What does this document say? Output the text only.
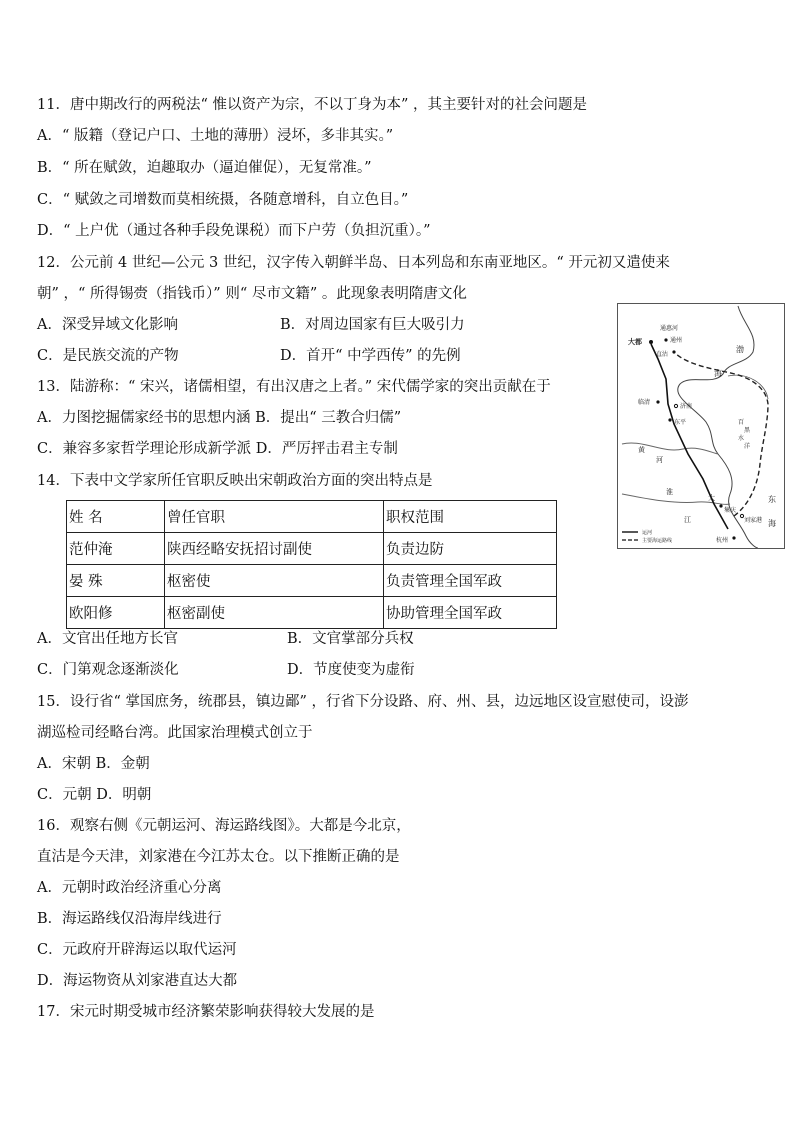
11．唐中期改行的两税法“ 惟以资产为宗，不以丁身为本” ，其主要针对的社会问题是
A．“ 版籍（登记户口、土地的薄册）浸坏，多非其实。”
B．“ 所在赋敛，迫趣取办（逼迫催促），无复常准。”
C．“ 赋敛之司增数而莫相统摄，各随意增科，自立色目。”
D．“ 上户优（通过各种手段免课税）而下户劳（负担沉重）。”
12．公元前 4 世纪—公元 3 世纪，汉字传入朝鲜半岛、日本列岛和东南亚地区。“ 开元初又遣使来
朝” ，“ 所得锡赍（指钱币）” 则“ 尽市文籍” 。此现象表明隋唐文化
A．深受异域文化影响	B．对周边国家有巨大吸引力
C．是民族交流的产物	D．首开“ 中学西传” 的先例
13．陆游称：“ 宋兴，诸儒相望，有出汉唐之上者。” 宋代儒学家的突出贡献在于
A．力图挖掘儒家经书的思想内涵 B．提出“ 三教合归儒”
C．兼容多家哲学理论形成新学派 D．严厉抨击君主专制
14．下表中文学家所任官职反映出宋朝政治方面的突出特点是
姓 名	曾任官职	职权范围
范仲淹	陕西经略安抚招讨副使	负责边防
晏 殊	枢密使	负责管理全国军政
欧阳修	枢密副使	协助管理全国军政
A．文官出任地方长官	B．文官掌部分兵权
C．门第观念逐渐淡化	D．节度使变为虚衔
15．设行省“ 掌国庶务，统郡县，镇边鄙” ，行省下分设路、府、州、县，边远地区设宣慰使司，设澎
湖巡检司经略台湾。此国家治理模式创立于
A．宋朝 B．金朝
C．元朝 D．明朝
16．观察右侧《元朝运河、海运路线图》。大都是今北京，
直沽是今天津，刘家港在今江苏太仓。以下推断正确的是
A．元朝时政治经济重心分离
B．海运路线仅沿海岸线进行
C．元政府开辟海运以取代运河
D．海运物资从刘家港直达大都
17．宋元时期受城市经济繁荣影响获得较大发展的是
通惠河
大都	通州
直沽
渤
海
临清
济南
东平
黄
河
百
黑
水
洋
淮
大
江
集庆
刘家港
杭州
东
海
运河
主要海运路线
